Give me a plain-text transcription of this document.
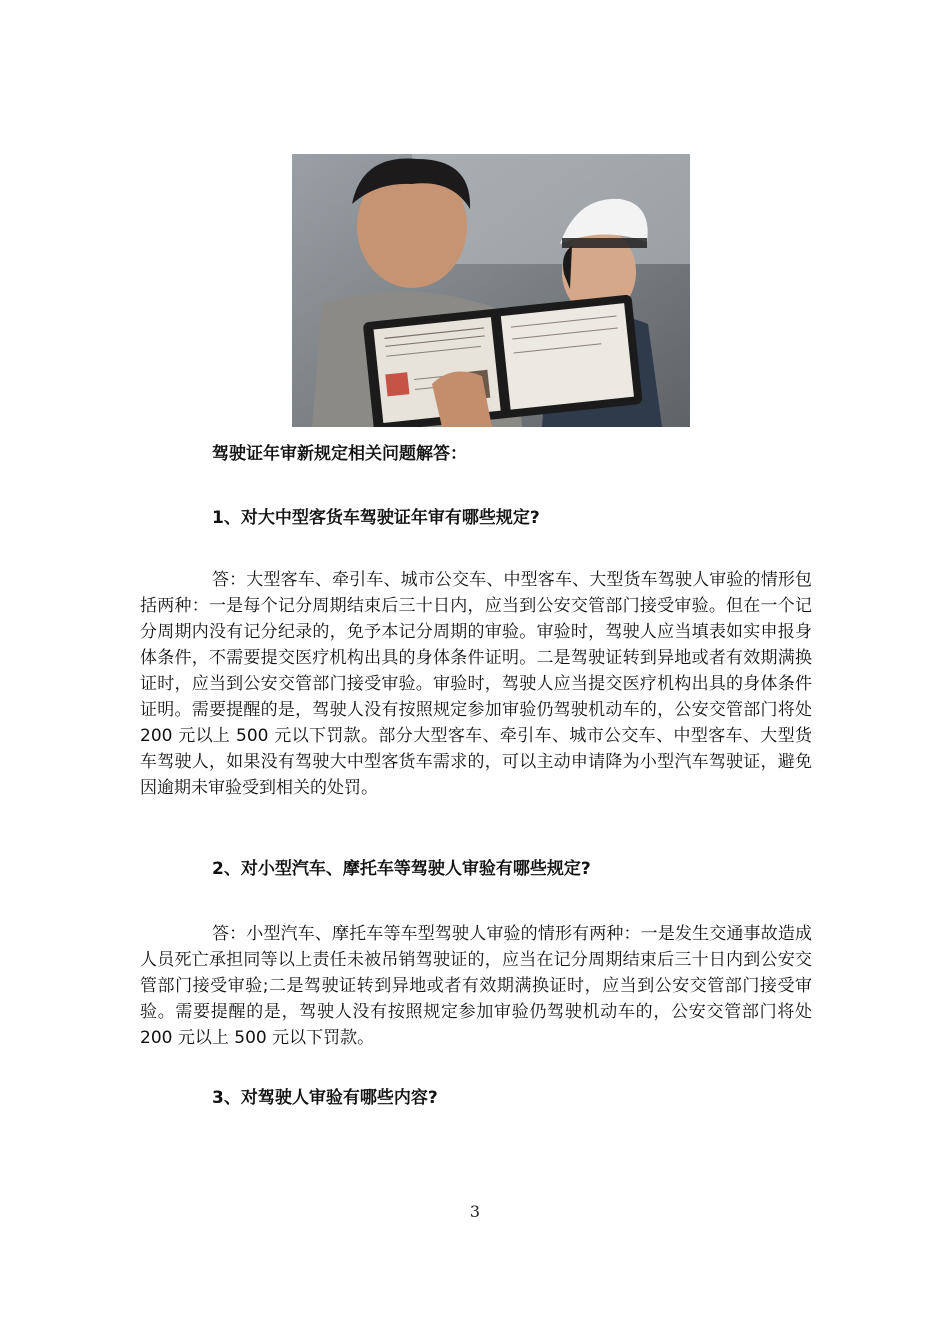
驾驶证年审新规定相关问题解答：

1、对大中型客货车驾驶证年审有哪些规定?

答：大型客车、牵引车、城市公交车、中型客车、大型货车驾驶人审验的情形包括两种：一是每个记分周期结束后三十日内，应当到公安交管部门接受审验。但在一个记分周期内没有记分纪录的，免予本记分周期的审验。审验时，驾驶人应当填表如实申报身体条件，不需要提交医疗机构出具的身体条件证明。二是驾驶证转到异地或者有效期满换证时，应当到公安交管部门接受审验。审验时，驾驶人应当提交医疗机构出具的身体条件证明。需要提醒的是，驾驶人没有按照规定参加审验仍驾驶机动车的，公安交管部门将处 200 元以上 500 元以下罚款。部分大型客车、牵引车、城市公交车、中型客车、大型货车驾驶人，如果没有驾驶大中型客货车需求的，可以主动申请降为小型汽车驾驶证，避免因逾期未审验受到相关的处罚。

2、对小型汽车、摩托车等驾驶人审验有哪些规定?

答：小型汽车、摩托车等车型驾驶人审验的情形有两种：一是发生交通事故造成人员死亡承担同等以上责任未被吊销驾驶证的，应当在记分周期结束后三十日内到公安交管部门接受审验;二是驾驶证转到异地或者有效期满换证时，应当到公安交管部门接受审验。需要提醒的是，驾驶人没有按照规定参加审验仍驾驶机动车的，公安交管部门将处 200 元以上 500 元以下罚款。

3、对驾驶人审验有哪些内容?

3
